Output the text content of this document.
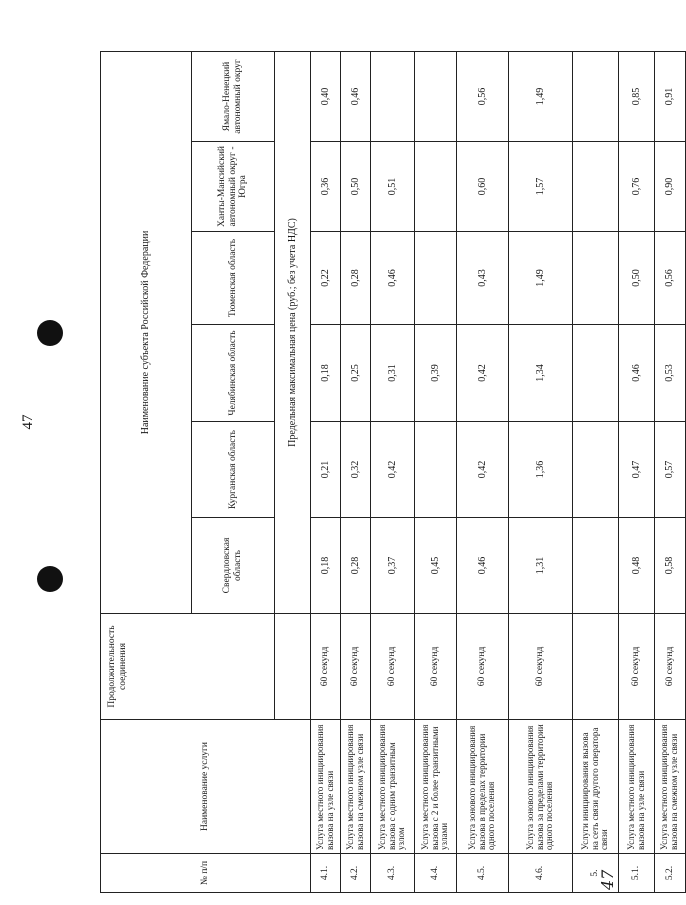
47
47
№ п/п	Наименование услуги	Продолжительность соединения	Наименование субъекта Российской Федерации					
			Свердловская область	Курганская область	Челябинская область	Тюменская область	Ханты-Мансийский автономный округ - Югра	Ямало-Ненецкий автономный округ
			Предельная максимальная цена (руб.; без учета НДС)					
4.1.	Услуга местного инициирования вызова на узле связи	60 секунд	0,18	0,21	0,18	0,22	0,36	0,40
4.2.	Услуга местного инициирования вызова на смежном узле связи	60 секунд	0,28	0,32	0,25	0,28	0,50	0,46
4.3.	Услуга местного инициирования вызова с одним транзитным узлом	60 секунд	0,37	0,42	0,31	0,46	0,51	
4.4.	Услуга местного инициирования вызова с 2 и более транзитными узлами	60 секунд	0,45		0,39			
4.5.	Услуга зонового инициирования вызова в пределах территории одного поселения	60 секунд	0,46	0,42	0,42	0,43	0,60	0,56
4.6.	Услуга зонового инициирования вызова за пределами территории одного поселения	60 секунд	1,31	1,36	1,34	1,49	1,57	1,49
5.	Услуги инициирования вызова на сеть связи другого оператора связи							
5.1.	Услуга местного инициирования вызова на узле связи	60 секунд	0,48	0,47	0,46	0,50	0,76	0,85
5.2.	Услуга местного инициирования вызова на смежном узле связи	60 секунд	0,58	0,57	0,53	0,56	0,90	0,91
